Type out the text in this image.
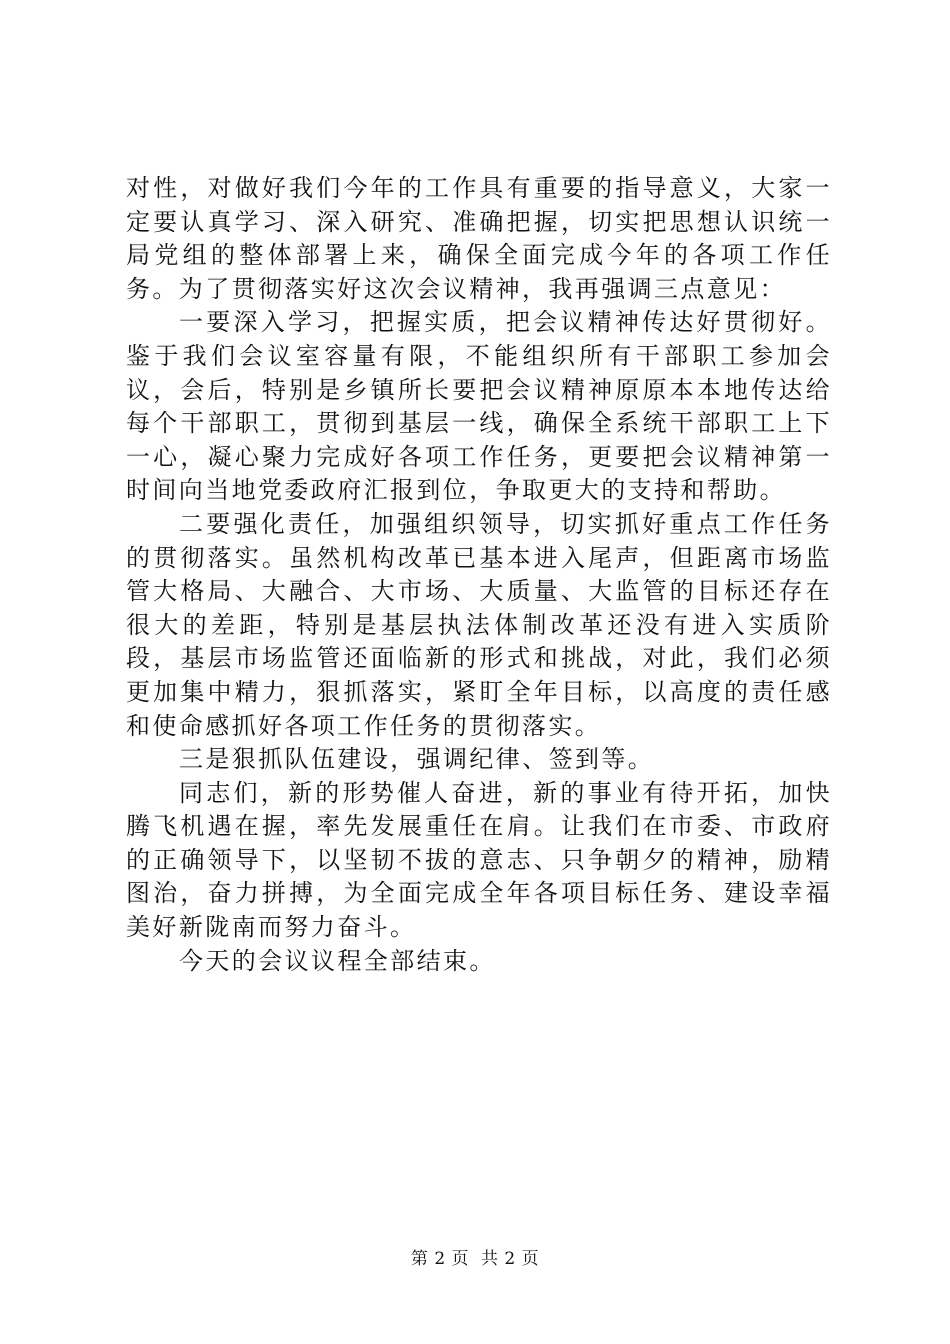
对性，对做好我们今年的工作具有重要的指导意义，大家一定要认真学习、深入研究、准确把握，切实把思想认识统一局党组的整体部署上来，确保全面完成今年的各项工作任务。为了贯彻落实好这次会议精神，我再强调三点意见：

一要深入学习，把握实质，把会议精神传达好贯彻好。鉴于我们会议室容量有限，不能组织所有干部职工参加会议，会后，特别是乡镇所长要把会议精神原原本本地传达给每个干部职工，贯彻到基层一线，确保全系统干部职工上下一心，凝心聚力完成好各项工作任务，更要把会议精神第一时间向当地党委政府汇报到位，争取更大的支持和帮助。

二要强化责任，加强组织领导，切实抓好重点工作任务的贯彻落实。虽然机构改革已基本进入尾声，但距离市场监管大格局、大融合、大市场、大质量、大监管的目标还存在很大的差距，特别是基层执法体制改革还没有进入实质阶段，基层市场监管还面临新的形式和挑战，对此，我们必须更加集中精力，狠抓落实，紧盯全年目标，以高度的责任感和使命感抓好各项工作任务的贯彻落实。

三是狠抓队伍建设，强调纪律、签到等。

同志们，新的形势催人奋进，新的事业有待开拓，加快腾飞机遇在握，率先发展重任在肩。让我们在市委、市政府的正确领导下，以坚韧不拔的意志、只争朝夕的精神，励精图治，奋力拼搏，为全面完成全年各项目标任务、建设幸福美好新陇南而努力奋斗。

今天的会议议程全部结束。

第 2 页 共 2 页
